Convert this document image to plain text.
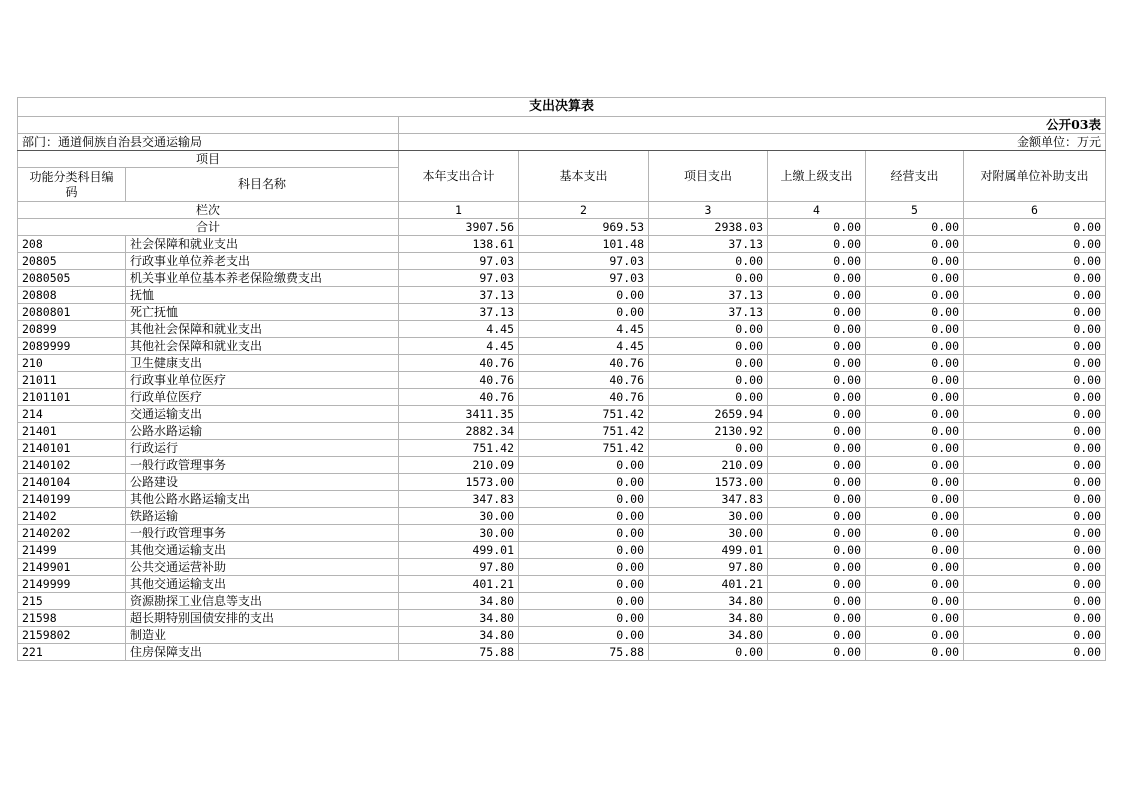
支出决算表							
		公开03表					
部门：通道侗族自治县交通运输局		金额单位：万元					
项目		本年支出合计	基本支出	项目支出	上缴上级支出	经营支出	对附属单位补助支出

功能分类科目编
码	科目名称						
栏次		1	2	3	4	5	6
合计		3907.56	969.53	2938.03	0.00	0.00	0.00
208	社会保障和就业支出	138.61	101.48	37.13	0.00	0.00	0.00
20805	行政事业单位养老支出	97.03	97.03	0.00	0.00	0.00	0.00
2080505	机关事业单位基本养老保险缴费支出	97.03	97.03	0.00	0.00	0.00	0.00
20808	抚恤	37.13	0.00	37.13	0.00	0.00	0.00
2080801	死亡抚恤	37.13	0.00	37.13	0.00	0.00	0.00
20899	其他社会保障和就业支出	4.45	4.45	0.00	0.00	0.00	0.00
2089999	其他社会保障和就业支出	4.45	4.45	0.00	0.00	0.00	0.00
210	卫生健康支出	40.76	40.76	0.00	0.00	0.00	0.00
21011	行政事业单位医疗	40.76	40.76	0.00	0.00	0.00	0.00
2101101	行政单位医疗	40.76	40.76	0.00	0.00	0.00	0.00
214	交通运输支出	3411.35	751.42	2659.94	0.00	0.00	0.00
21401	公路水路运输	2882.34	751.42	2130.92	0.00	0.00	0.00
2140101	行政运行	751.42	751.42	0.00	0.00	0.00	0.00
2140102	一般行政管理事务	210.09	0.00	210.09	0.00	0.00	0.00
2140104	公路建设	1573.00	0.00	1573.00	0.00	0.00	0.00
2140199	其他公路水路运输支出	347.83	0.00	347.83	0.00	0.00	0.00
21402	铁路运输	30.00	0.00	30.00	0.00	0.00	0.00
2140202	一般行政管理事务	30.00	0.00	30.00	0.00	0.00	0.00
21499	其他交通运输支出	499.01	0.00	499.01	0.00	0.00	0.00
2149901	公共交通运营补助	97.80	0.00	97.80	0.00	0.00	0.00
2149999	其他交通运输支出	401.21	0.00	401.21	0.00	0.00	0.00
215	资源勘探工业信息等支出	34.80	0.00	34.80	0.00	0.00	0.00
21598	超长期特别国债安排的支出	34.80	0.00	34.80	0.00	0.00	0.00
2159802	制造业	34.80	0.00	34.80	0.00	0.00	0.00
221	住房保障支出	75.88	75.88	0.00	0.00	0.00	0.00
